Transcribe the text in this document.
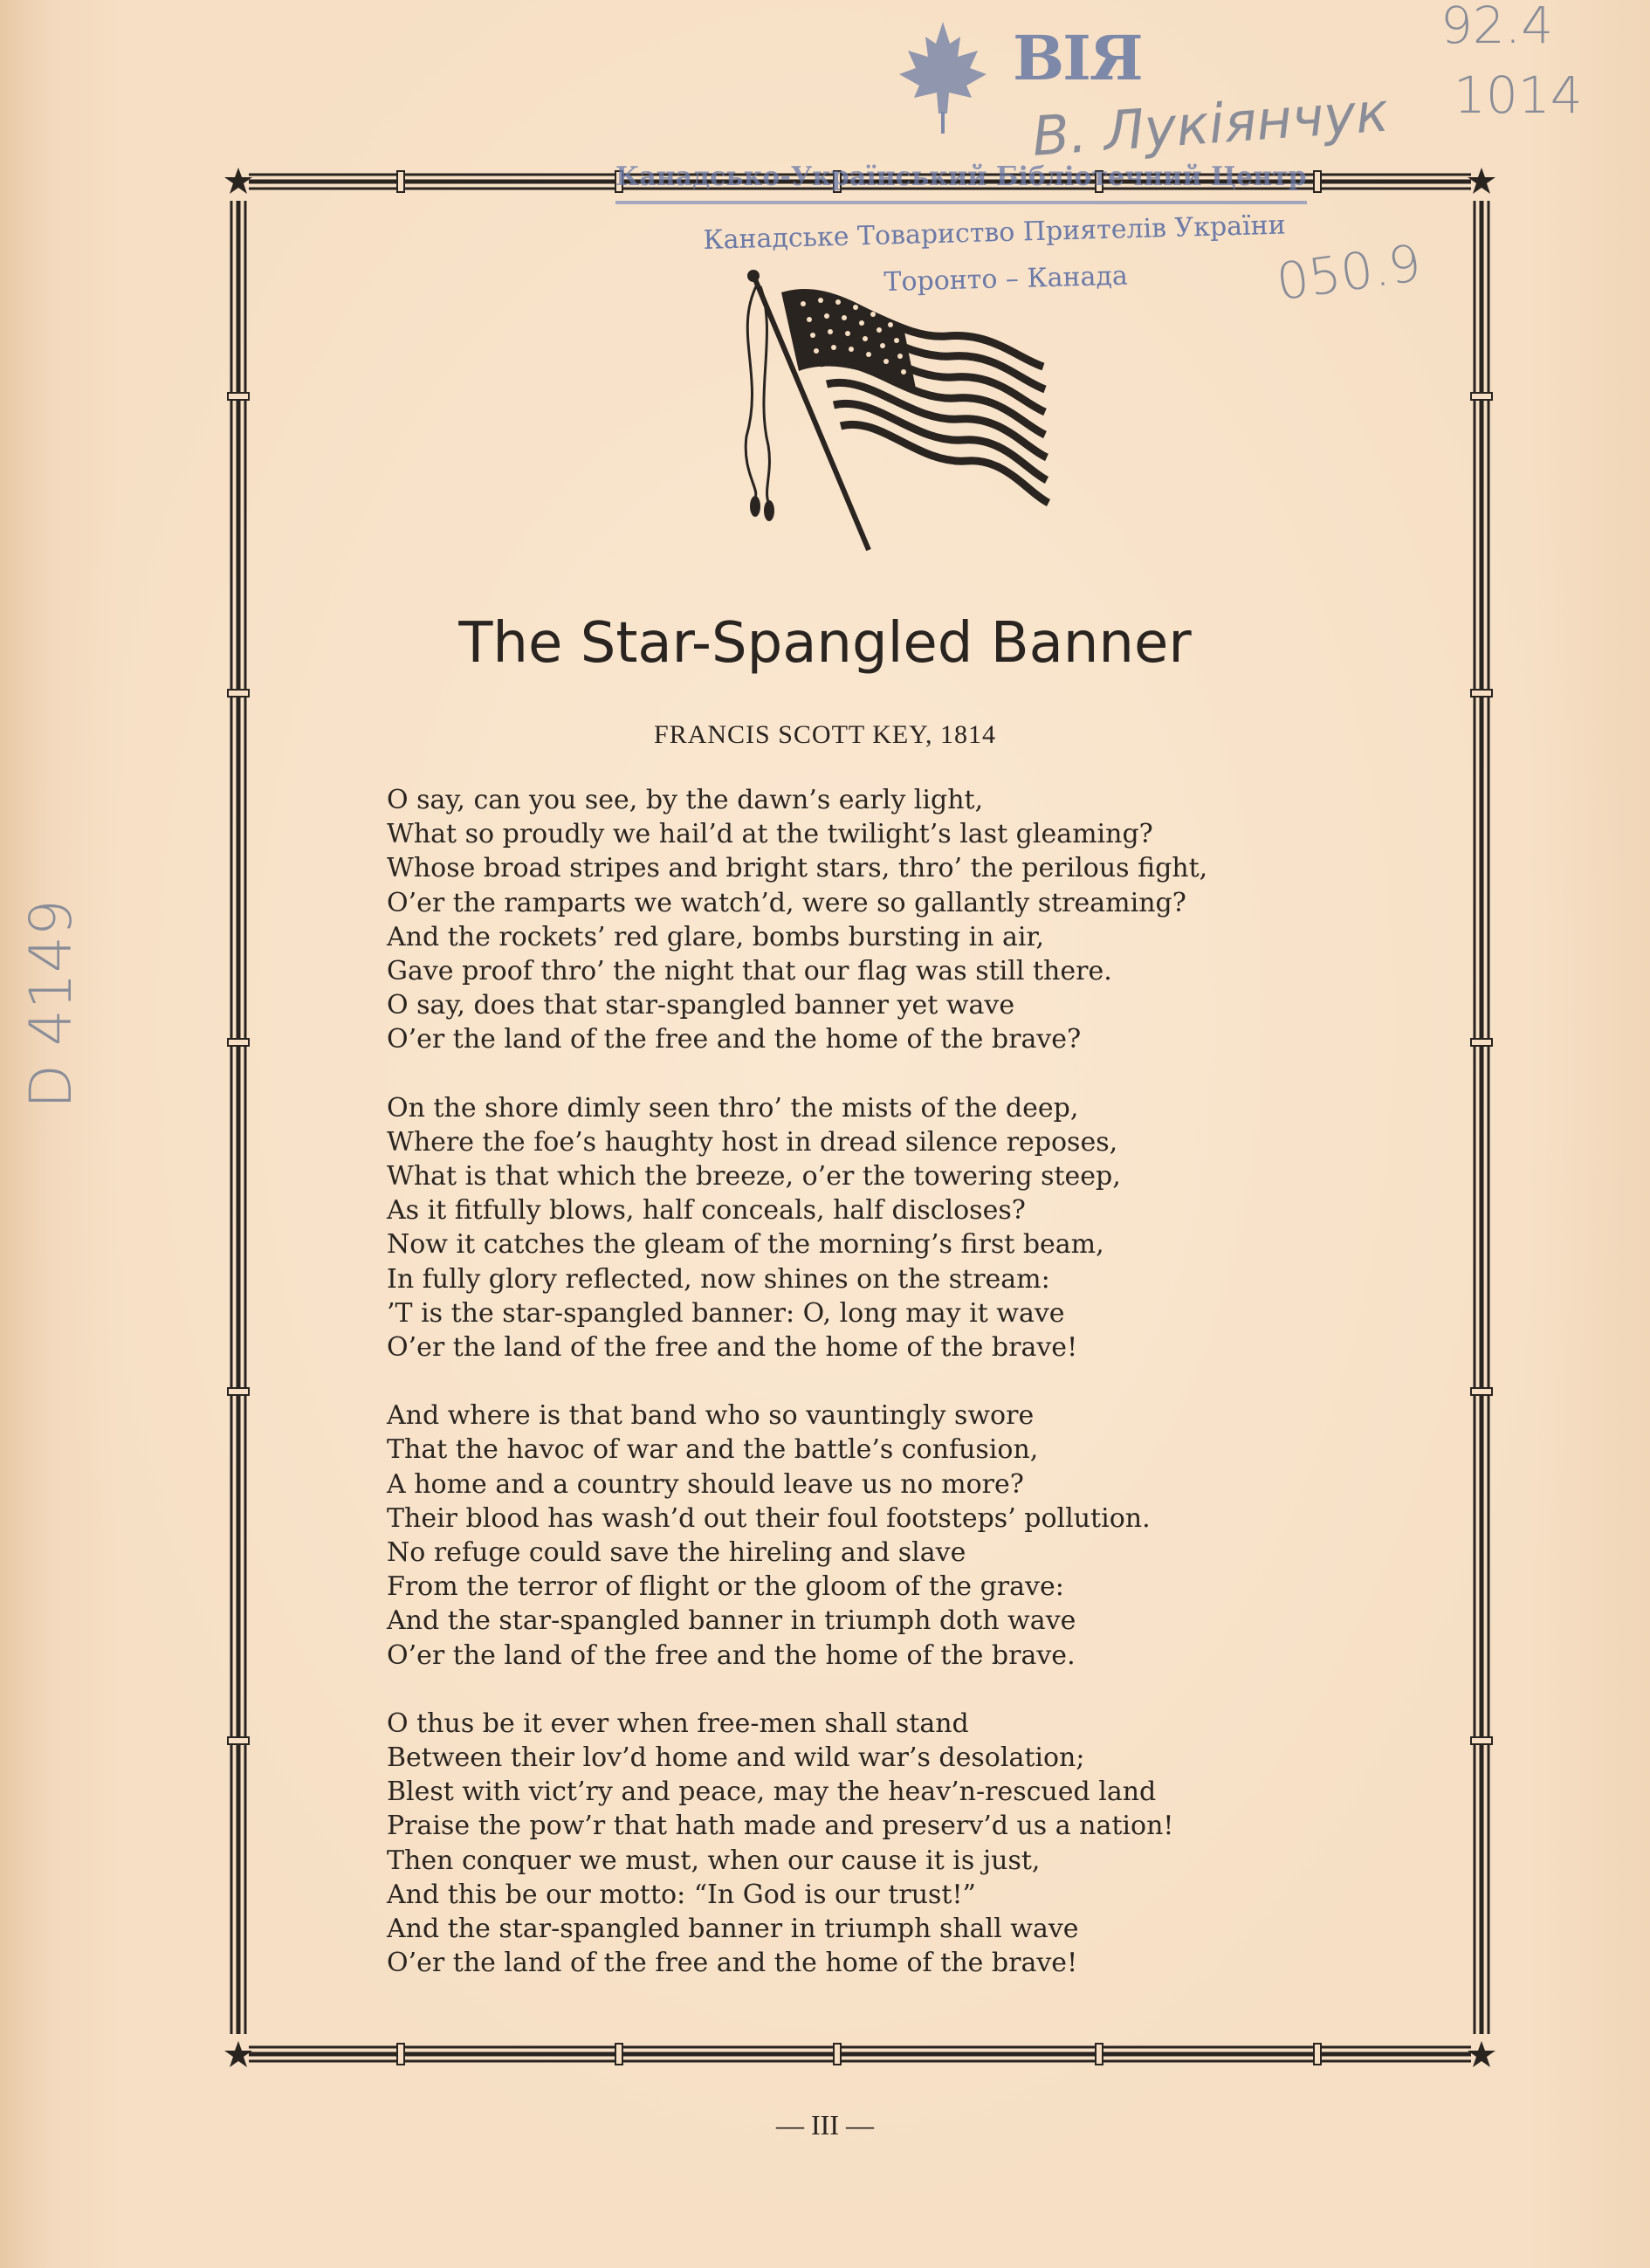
ВІЯ
Канадсько-Український Бібліотечний Центр
Канадське Товариство Приятелів України
Торонто – Канада
92.4
1014
В. Лукіянчук
050.9
D 4149
The Star-Spangled Banner
FRANCIS SCOTT KEY, 1814
O say, can you see, by the dawn’s early light,
What so proudly we hail’d at the twilight’s last gleaming?
Whose broad stripes and bright stars, thro’ the perilous fight,
O’er the ramparts we watch’d, were so gallantly streaming?
And the rockets’ red glare, bombs bursting in air,
Gave proof thro’ the night that our flag was still there.
O say, does that star-spangled banner yet wave
O’er the land of the free and the home of the brave?
On the shore dimly seen thro’ the mists of the deep,
Where the foe’s haughty host in dread silence reposes,
What is that which the breeze, o’er the towering steep,
As it fitfully blows, half conceals, half discloses?
Now it catches the gleam of the morning’s first beam,
In fully glory reflected, now shines on the stream:
’T is the star-spangled banner: O, long may it wave
O’er the land of the free and the home of the brave!
And where is that band who so vauntingly swore
That the havoc of war and the battle’s confusion,
A home and a country should leave us no more?
Their blood has wash’d out their foul footsteps’ pollution.
No refuge could save the hireling and slave
From the terror of flight or the gloom of the grave:
And the star-spangled banner in triumph doth wave
O’er the land of the free and the home of the brave.
O thus be it ever when free-men shall stand
Between their lov’d home and wild war’s desolation;
Blest with vict’ry and peace, may the heav’n-rescued land
Praise the pow’r that hath made and preserv’d us a nation!
Then conquer we must, when our cause it is just,
And this be our motto: “In God is our trust!”
And the star-spangled banner in triumph shall wave
O’er the land of the free and the home of the brave!
— III —
